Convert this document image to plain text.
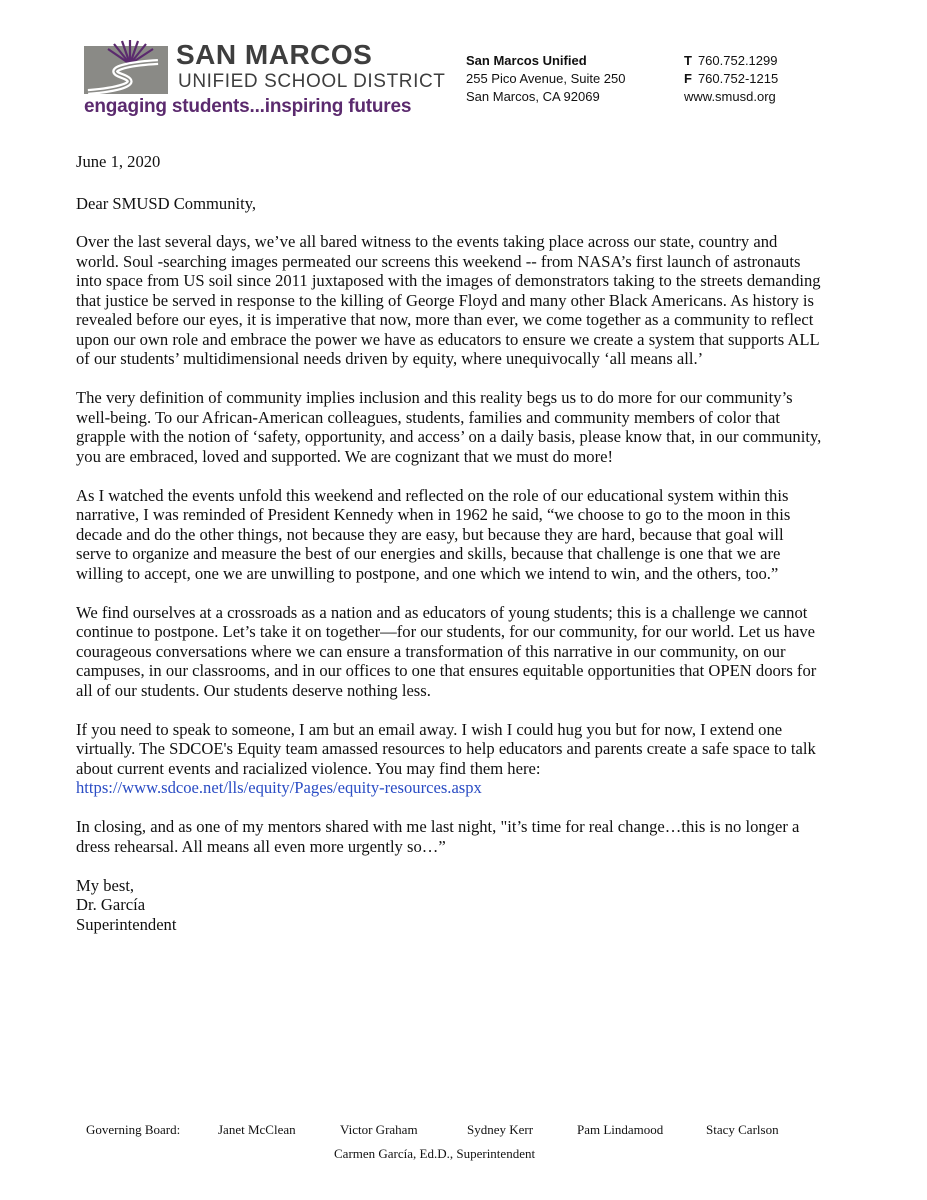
SAN MARCOS
UNIFIED SCHOOL DISTRICT
engaging students...inspiring futures
San Marcos Unified
255 Pico Avenue, Suite 250
San Marcos, CA 92069
T 760.752.1299
F 760.752-1215
www.smusd.org

June 1, 2020

Dear SMUSD Community,

Over the last several days, we’ve all bared witness to the events taking place across our state, country and world. Soul -searching images permeated our screens this weekend -- from NASA’s first launch of astronauts into space from US soil since 2011 juxtaposed with the images of demonstrators taking to the streets demanding that justice be served in response to the killing of George Floyd and many other Black Americans. As history is revealed before our eyes, it is imperative that now, more than ever, we come together as a community to reflect upon our own role and embrace the power we have as educators to ensure we create a system that supports ALL of our students’ multidimensional needs driven by equity, where unequivocally ‘all means all.’

The very definition of community implies inclusion and this reality begs us to do more for our community’s well-being. To our African-American colleagues, students, families and community members of color that grapple with the notion of ‘safety, opportunity, and access’ on a daily basis, please know that, in our community, you are embraced, loved and supported. We are cognizant that we must do more!

As I watched the events unfold this weekend and reflected on the role of our educational system within this narrative, I was reminded of President Kennedy when in 1962 he said, “we choose to go to the moon in this decade and do the other things, not because they are easy, but because they are hard, because that goal will serve to organize and measure the best of our energies and skills, because that challenge is one that we are willing to accept, one we are unwilling to postpone, and one which we intend to win, and the others, too.”

We find ourselves at a crossroads as a nation and as educators of young students; this is a challenge we cannot continue to postpone. Let’s take it on together—for our students, for our community, for our world. Let us have courageous conversations where we can ensure a transformation of this narrative in our community, on our campuses, in our classrooms, and in our offices to one that ensures equitable opportunities that OPEN doors for all of our students. Our students deserve nothing less.

If you need to speak to someone, I am but an email away. I wish I could hug you but for now, I extend one virtually. The SDCOE's Equity team amassed resources to help educators and parents create a safe space to talk about current events and racialized violence. You may find them here: https://www.sdcoe.net/lls/equity/Pages/equity-resources.aspx

In closing, and as one of my mentors shared with me last night, "it’s time for real change…this is no longer a dress rehearsal. All means all even more urgently so…”

My best,

Dr. García

Superintendent

Governing Board:	Janet McClean	Victor Graham	Sydney Kerr	Pam Lindamood	Stacy Carlson
Carmen García, Ed.D., Superintendent
